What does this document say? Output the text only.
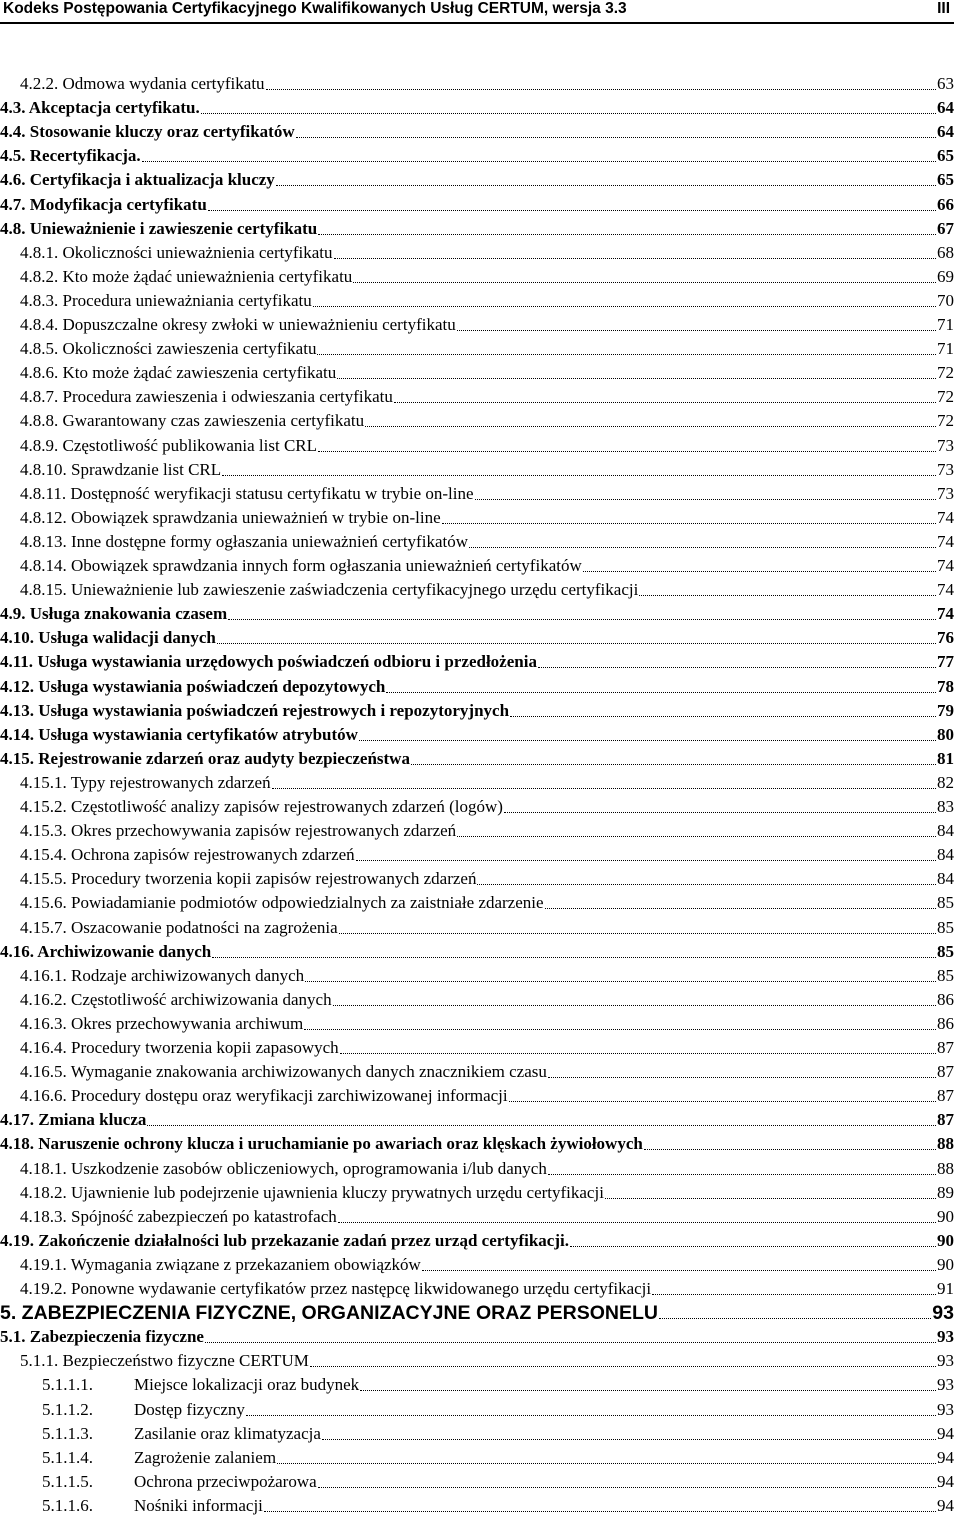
Kodeks Postępowania Certyfikacyjnego Kwalifikowanych Usług CERTUM, wersja 3.3	III
4.2.2. Odmowa wydania certyfikatu	63
4.3. Akceptacja certyfikatu.	64
4.4. Stosowanie kluczy oraz certyfikatów	64
4.5. Recertyfikacja.	65
4.6. Certyfikacja i aktualizacja kluczy	65
4.7. Modyfikacja certyfikatu	66
4.8. Unieważnienie i zawieszenie certyfikatu	67
4.8.1. Okoliczności unieważnienia certyfikatu	68
4.8.2. Kto może żądać unieważnienia certyfikatu	69
4.8.3. Procedura unieważniania certyfikatu	70
4.8.4. Dopuszczalne okresy zwłoki w unieważnieniu certyfikatu	71
4.8.5. Okoliczności zawieszenia certyfikatu	71
4.8.6. Kto może żądać zawieszenia certyfikatu	72
4.8.7. Procedura zawieszenia i odwieszania certyfikatu	72
4.8.8. Gwarantowany czas zawieszenia certyfikatu	72
4.8.9. Częstotliwość publikowania list CRL	73
4.8.10. Sprawdzanie list CRL	73
4.8.11. Dostępność weryfikacji statusu certyfikatu w trybie on-line	73
4.8.12. Obowiązek sprawdzania unieważnień w trybie on-line	74
4.8.13. Inne dostępne formy ogłaszania unieważnień certyfikatów	74
4.8.14. Obowiązek sprawdzania innych form ogłaszania unieważnień certyfikatów	74
4.8.15. Unieważnienie lub zawieszenie zaświadczenia certyfikacyjnego urzędu certyfikacji	74
4.9. Usługa znakowania czasem	74
4.10. Usługa walidacji danych	76
4.11. Usługa wystawiania urzędowych poświadczeń odbioru i przedłożenia	77
4.12. Usługa wystawiania poświadczeń depozytowych	78
4.13. Usługa wystawiania poświadczeń rejestrowych i repozytoryjnych	79
4.14. Usługa wystawiania certyfikatów atrybutów	80
4.15. Rejestrowanie zdarzeń oraz audyty bezpieczeństwa	81
4.15.1. Typy rejestrowanych zdarzeń	82
4.15.2. Częstotliwość analizy zapisów rejestrowanych zdarzeń (logów)	83
4.15.3. Okres przechowywania zapisów rejestrowanych zdarzeń	84
4.15.4. Ochrona zapisów rejestrowanych zdarzeń	84
4.15.5. Procedury tworzenia kopii zapisów rejestrowanych zdarzeń	84
4.15.6. Powiadamianie podmiotów odpowiedzialnych za zaistniałe zdarzenie	85
4.15.7. Oszacowanie podatności na zagrożenia	85
4.16. Archiwizowanie danych	85
4.16.1. Rodzaje archiwizowanych danych	85
4.16.2. Częstotliwość archiwizowania danych	86
4.16.3. Okres przechowywania archiwum	86
4.16.4. Procedury tworzenia kopii zapasowych	87
4.16.5. Wymaganie znakowania archiwizowanych danych znacznikiem czasu	87
4.16.6. Procedury dostępu oraz weryfikacji zarchiwizowanej informacji	87
4.17. Zmiana klucza	87
4.18. Naruszenie ochrony klucza i uruchamianie po awariach oraz klęskach żywiołowych	88
4.18.1. Uszkodzenie zasobów obliczeniowych, oprogramowania i/lub danych	88
4.18.2. Ujawnienie lub podejrzenie ujawnienia kluczy prywatnych urzędu certyfikacji	89
4.18.3. Spójność zabezpieczeń po katastrofach	90
4.19. Zakończenie działalności lub przekazanie zadań przez urząd certyfikacji.	90
4.19.1. Wymagania związane z przekazaniem obowiązków	90
4.19.2. Ponowne wydawanie certyfikatów przez następcę likwidowanego urzędu certyfikacji	91
5. ZABEZPIECZENIA FIZYCZNE, ORGANIZACYJNE ORAZ PERSONELU	93
5.1. Zabezpieczenia fizyczne	93
5.1.1. Bezpieczeństwo fizyczne CERTUM	93
5.1.1.1. Miejsce lokalizacji oraz budynek	93
5.1.1.2. Dostęp fizyczny	93
5.1.1.3. Zasilanie oraz klimatyzacja	94
5.1.1.4. Zagrożenie zalaniem	94
5.1.1.5. Ochrona przeciwpożarowa	94
5.1.1.6. Nośniki informacji	94
